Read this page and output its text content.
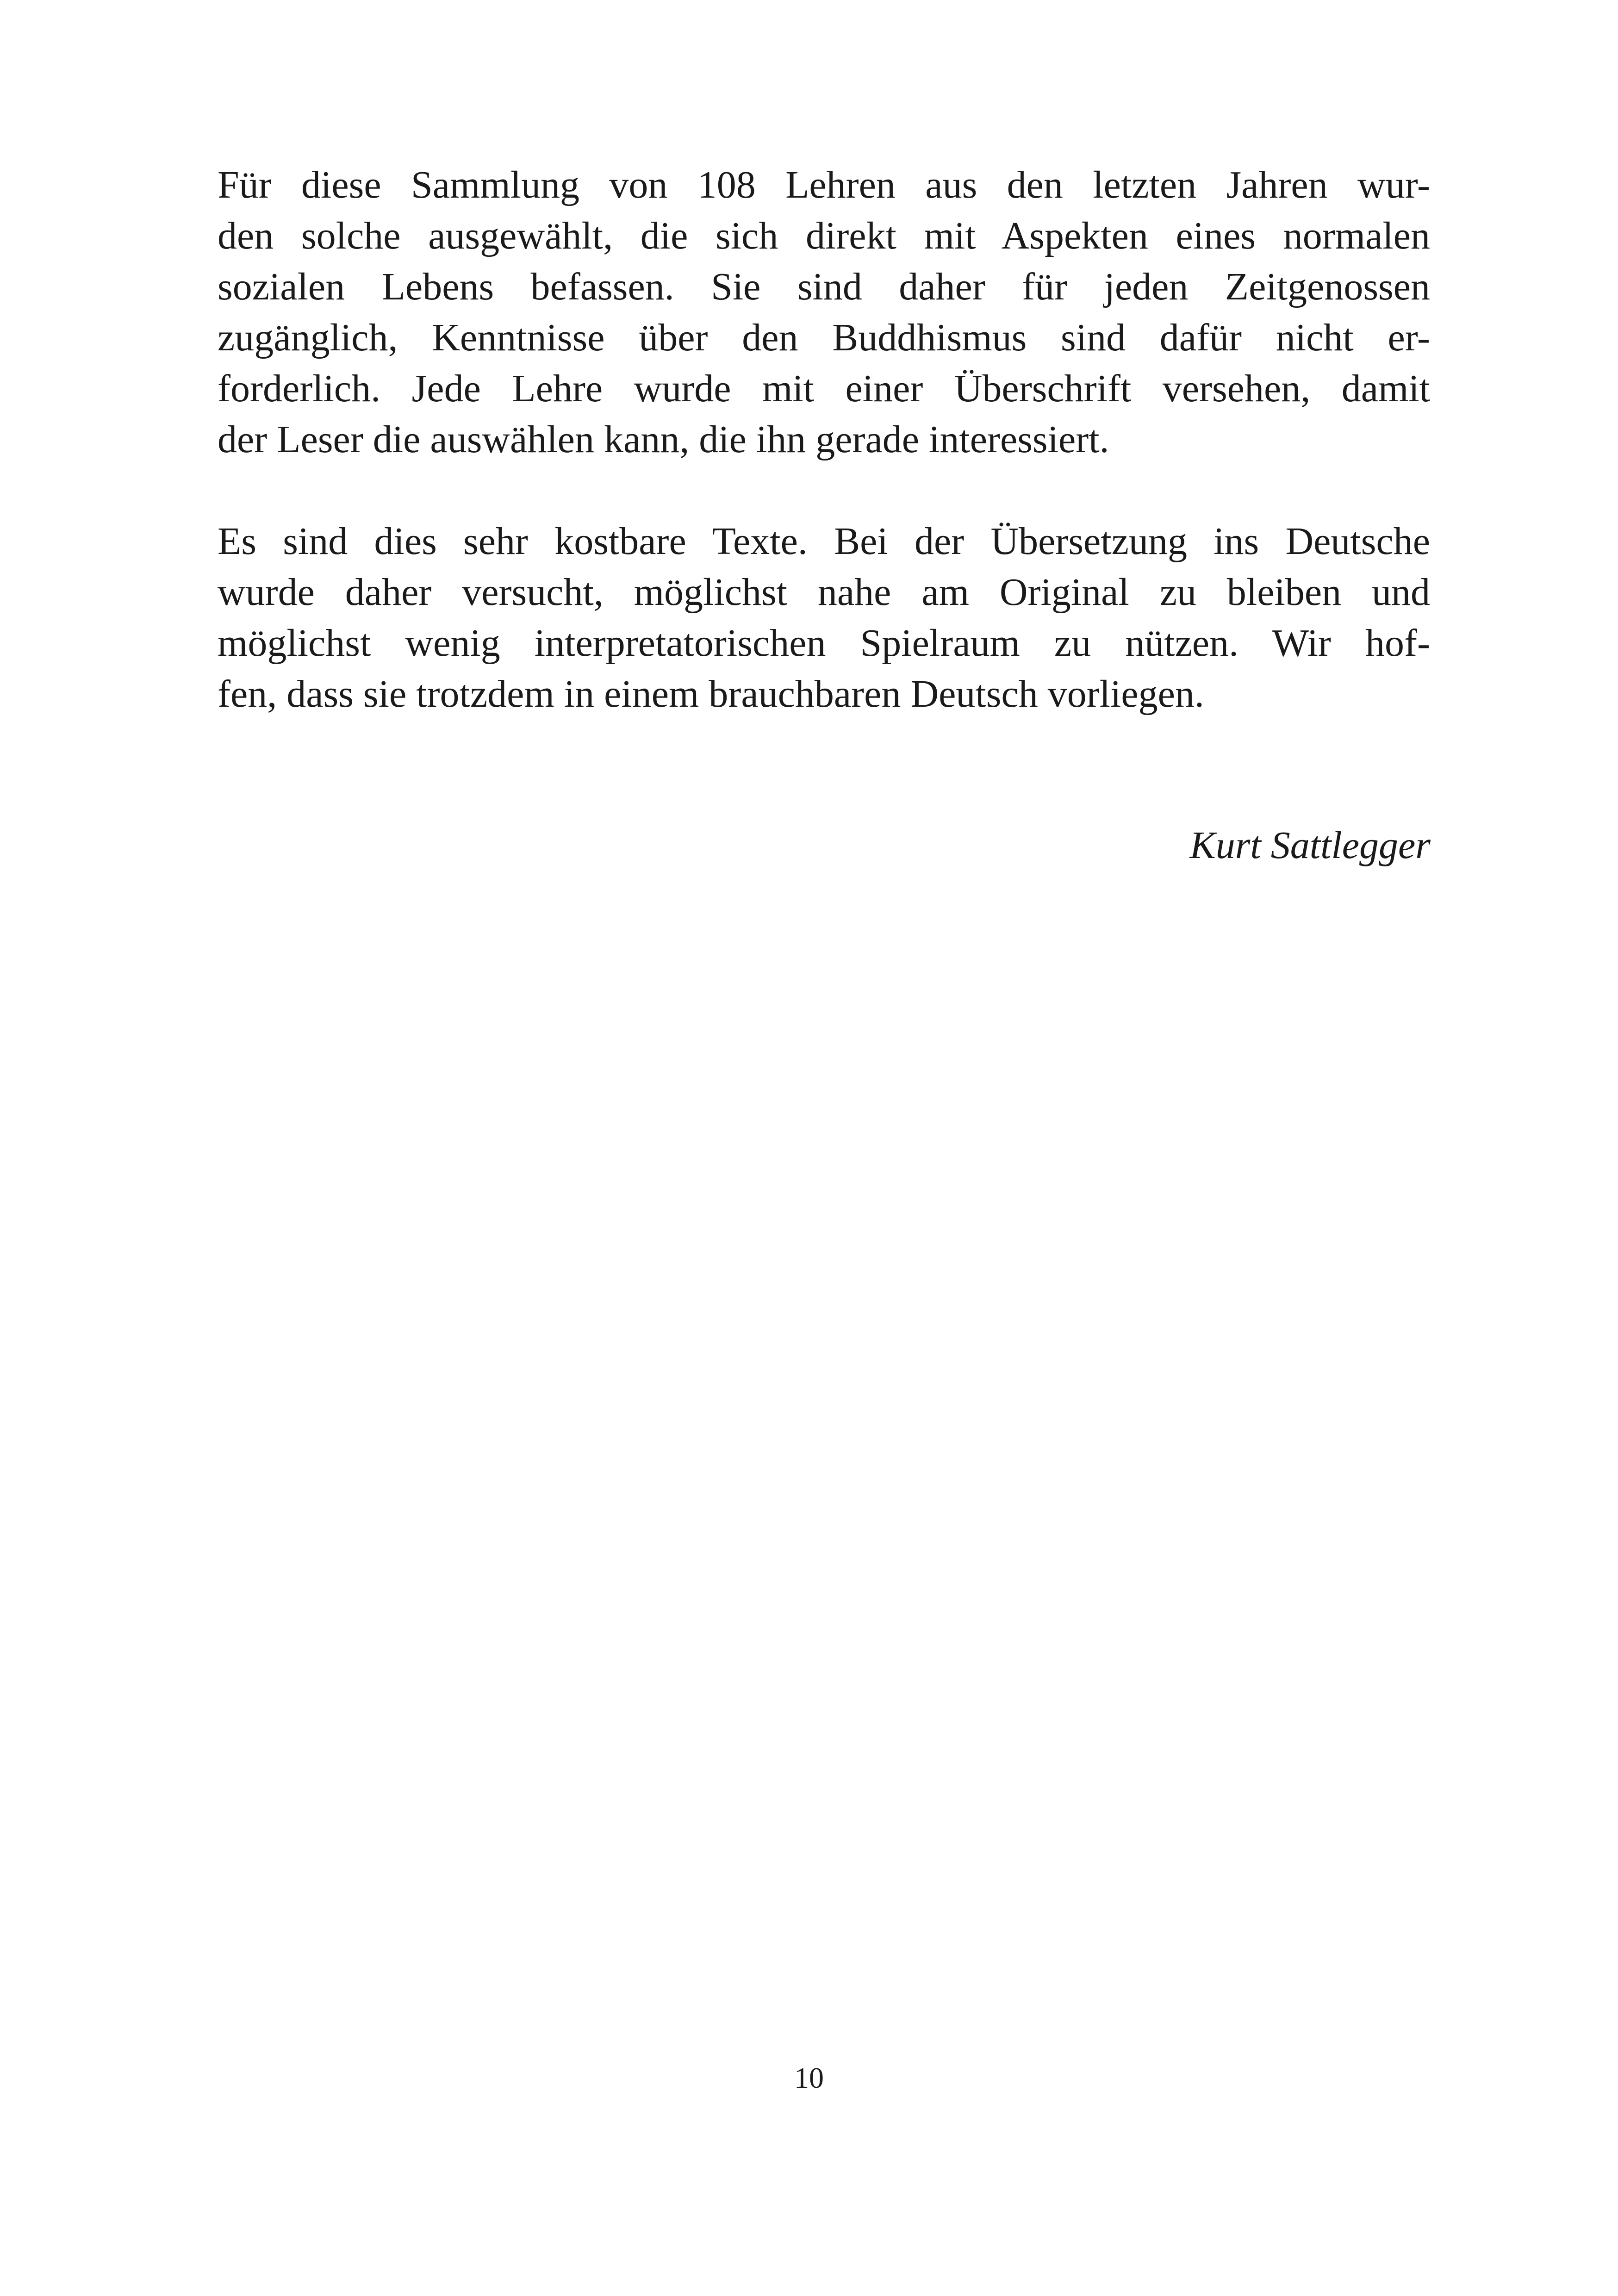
Für diese Sammlung von 108 Lehren aus den letzten Jahren wur-
den solche ausgewählt, die sich direkt mit Aspekten eines normalen
sozialen Lebens befassen. Sie sind daher für jeden Zeitgenossen
zugänglich, Kenntnisse über den Buddhismus sind dafür nicht er-
forderlich. Jede Lehre wurde mit einer Überschrift versehen, damit
der Leser die auswählen kann, die ihn gerade interessiert.
Es sind dies sehr kostbare Texte. Bei der Übersetzung ins Deutsche
wurde daher versucht, möglichst nahe am Original zu bleiben und
möglichst wenig interpretatorischen Spielraum zu nützen. Wir hof-
fen, dass sie trotzdem in einem brauchbaren Deutsch vorliegen.
Kurt Sattlegger
10
